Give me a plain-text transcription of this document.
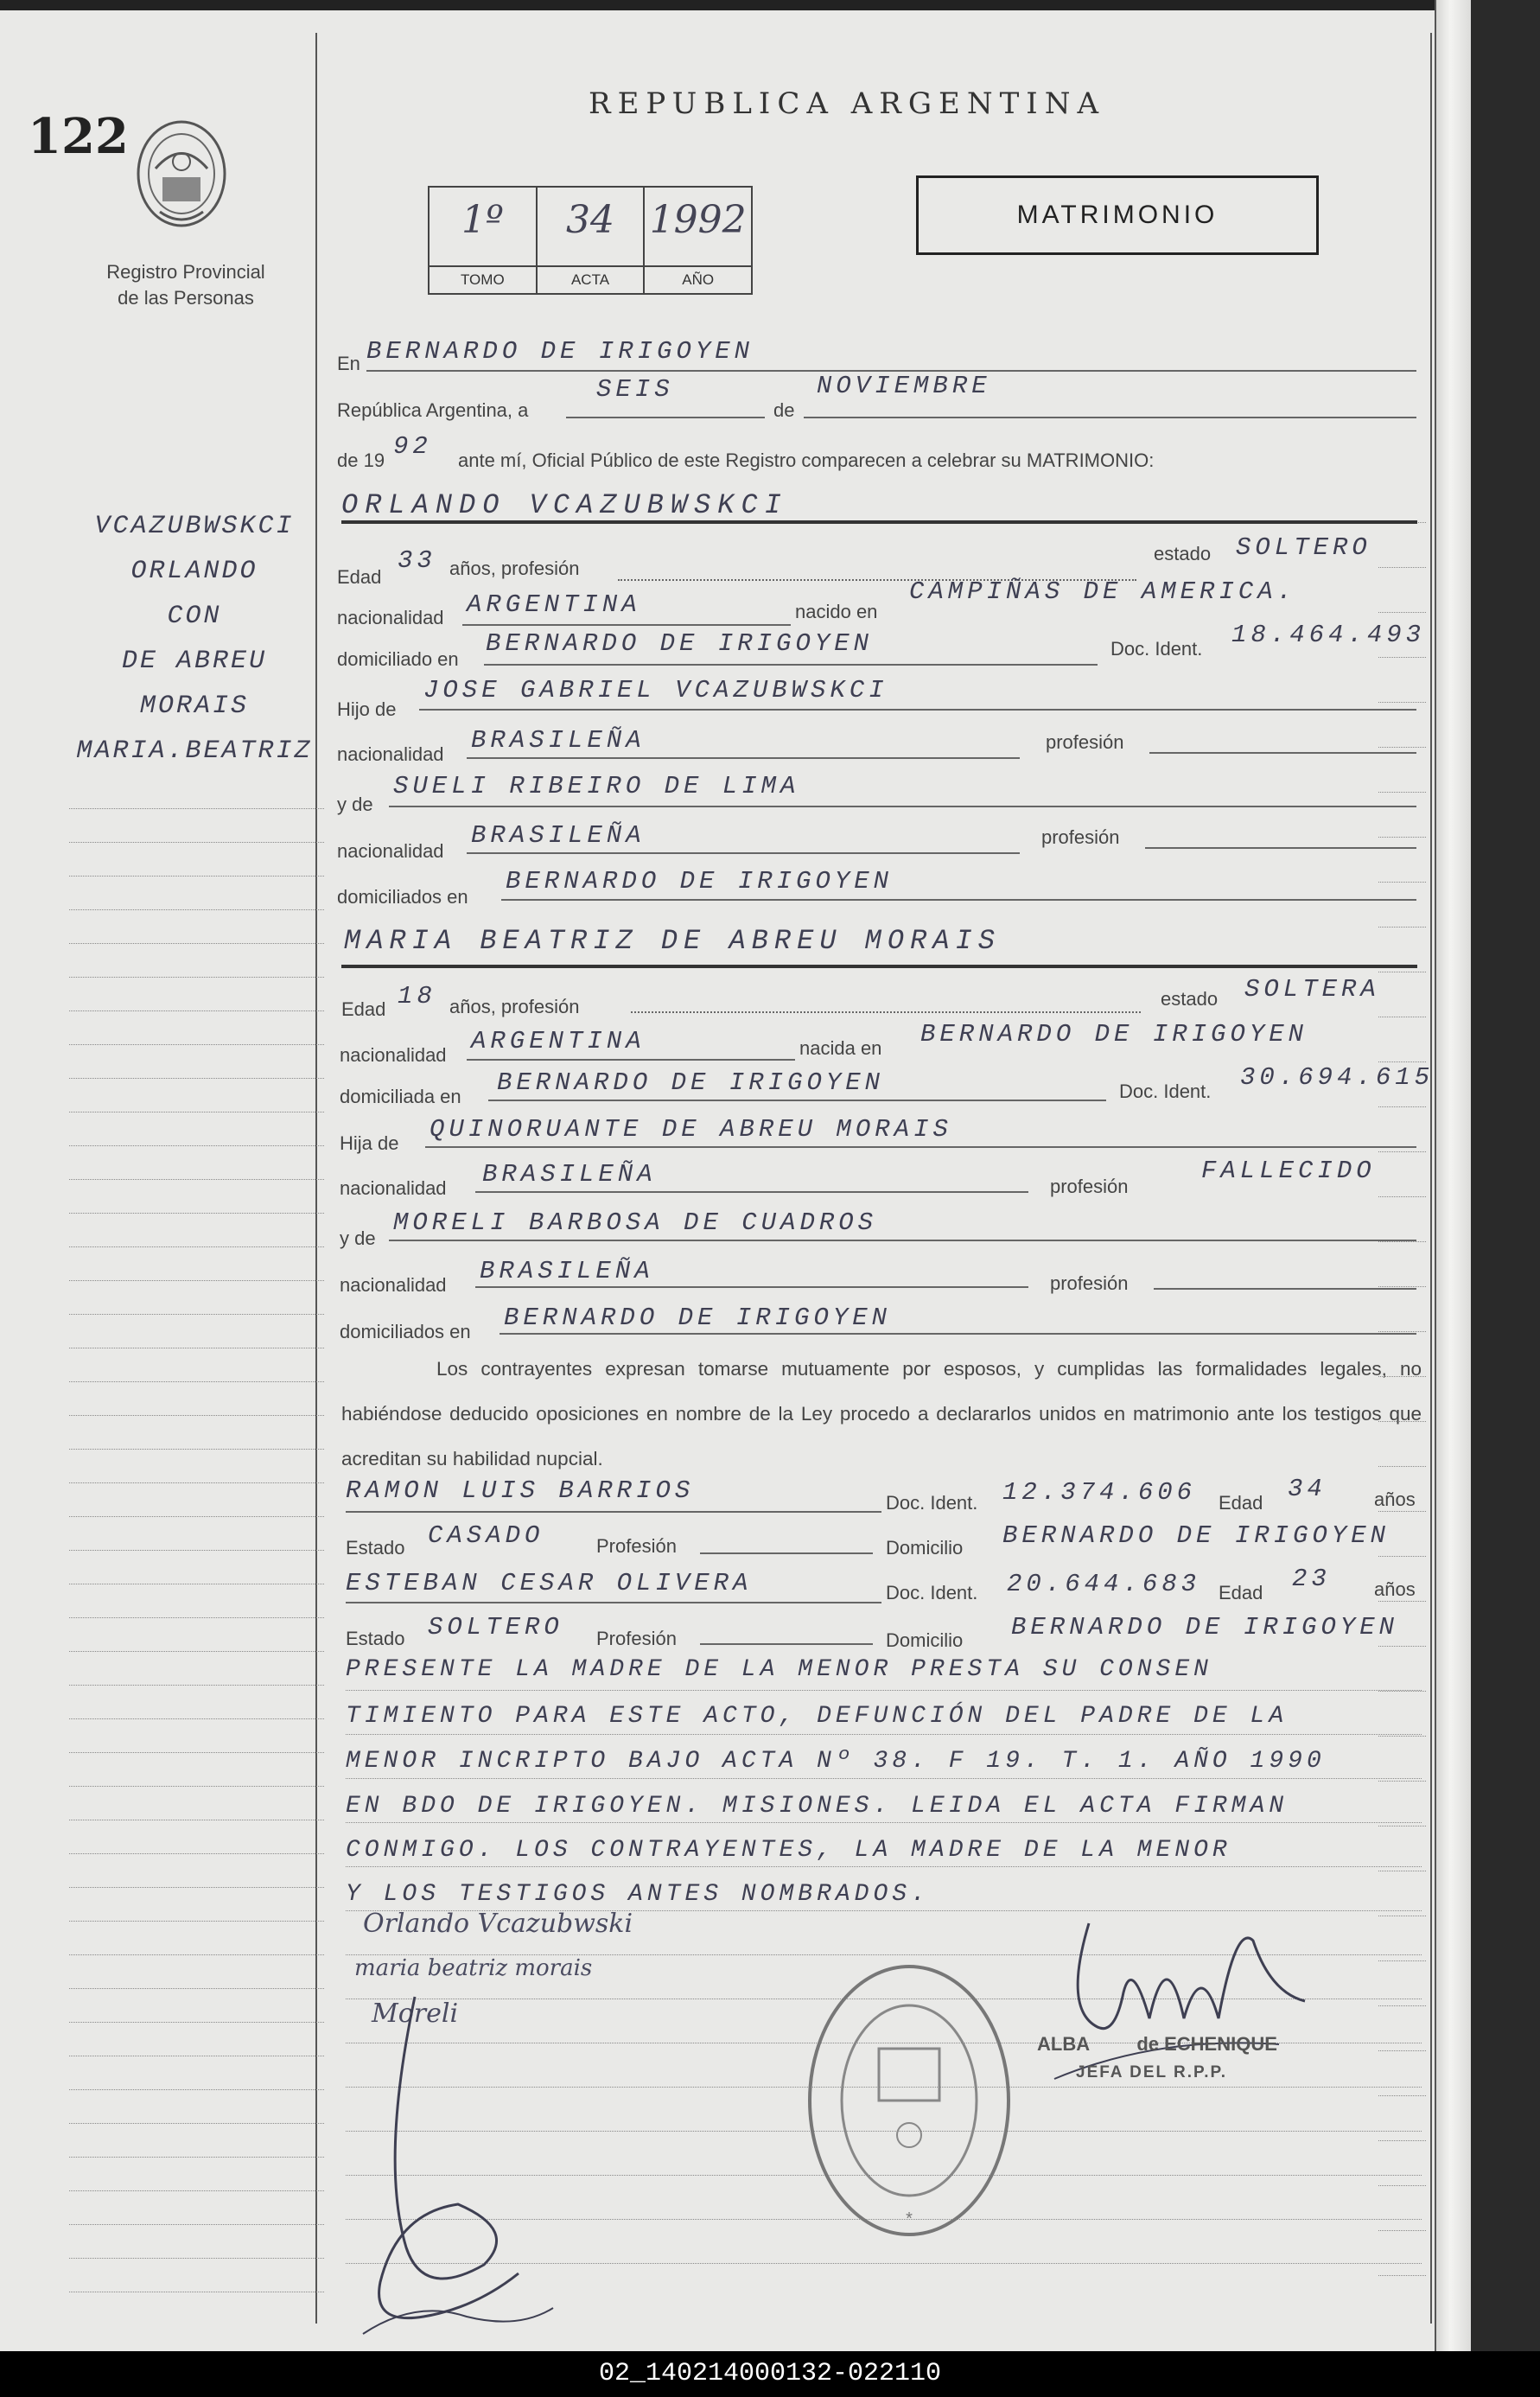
122
Registro Provincial
de las Personas
REPUBLICA ARGENTINA
1º
TOMO
34
ACTA
1992
AÑO
MATRIMONIO
VCAZUBWSKCI
ORLANDO
CON
DE ABREU
MORAIS
MARIA.BEATRIZ
En BERNARDO DE IRIGOYEN
República Argentina, a
SEIS
de
NOVIEMBRE
de 19 92 ante mí, Oficial Público de este Registro comparecen a celebrar su MATRIMONIO:
ORLANDO VCAZUBWSKCI
Edad
33 años, profesión
estado SOLTERO
nacionalidad ARGENTINA	nacido en
CAMPIÑAS DE AMERICA.
domiciliado en
BERNARDO DE IRIGOYEN	Doc. Ident. 18.464.493
Hijo de
JOSE GABRIEL VCAZUBWSKCI
nacionalidad BRASILEÑA	profesión
y de
SUELI RIBEIRO DE LIMA
nacionalidad
BRASILEÑA	profesión
domiciliados en
BERNARDO DE IRIGOYEN
MARIA BEATRIZ DE ABREU MORAIS
Edad 18 años, profesión	estado SOLTERA
nacionalidad ARGENTINA	nacida en BERNARDO DE IRIGOYEN
domiciliada en BERNARDO DE IRIGOYEN	Doc. Ident. 30.694.615
Hija de QUINORUANTE DE ABREU MORAIS
nacionalidad BRASILEÑA	profesión
FALLECIDO
y de
MORELI BARBOSA DE CUADROS
nacionalidad BRASILEÑA	profesión
domiciliados en BERNARDO DE IRIGOYEN
Los contrayentes expresan tomarse mutuamente por esposos, y cumplidas las formalidades legales, no habiéndose deducido oposiciones en nombre de la Ley procedo a declararlos unidos en matrimonio ante los testigos que acreditan su habilidad nupcial.
RAMON LUIS BARRIOS	Doc. Ident. 12.374.606 Edad 34	años
Estado CASADO	Profesión	Domicilio BERNARDO DE IRIGOYEN
ESTEBAN CESAR OLIVERA	Doc. Ident. 20.644.683 Edad 23 años
Estado SOLTERO Profesión	Domicilio BERNARDO DE IRIGOYEN
PRESENTE LA MADRE DE LA MENOR PRESTA SU CONSEN
TIMIENTO PARA ESTE ACTO, DEFUNCIÓN DEL PADRE DE LA
MENOR INCRIPTO BAJO ACTA Nº 38. F 19. T. 1. AÑO 1990
EN BDO DE IRIGOYEN. MISIONES. LEIDA EL ACTA FIRMAN
CONMIGO. LOS CONTRAYENTES, LA MADRE DE LA MENOR
Y LOS TESTIGOS ANTES NOMBRADOS.
Orlando Vcazubwski
maria beatriz morais
Moreli
*
ALBA	de ECHENIQUE
JEFA DEL R.P.P.
02_140214000132-022110
